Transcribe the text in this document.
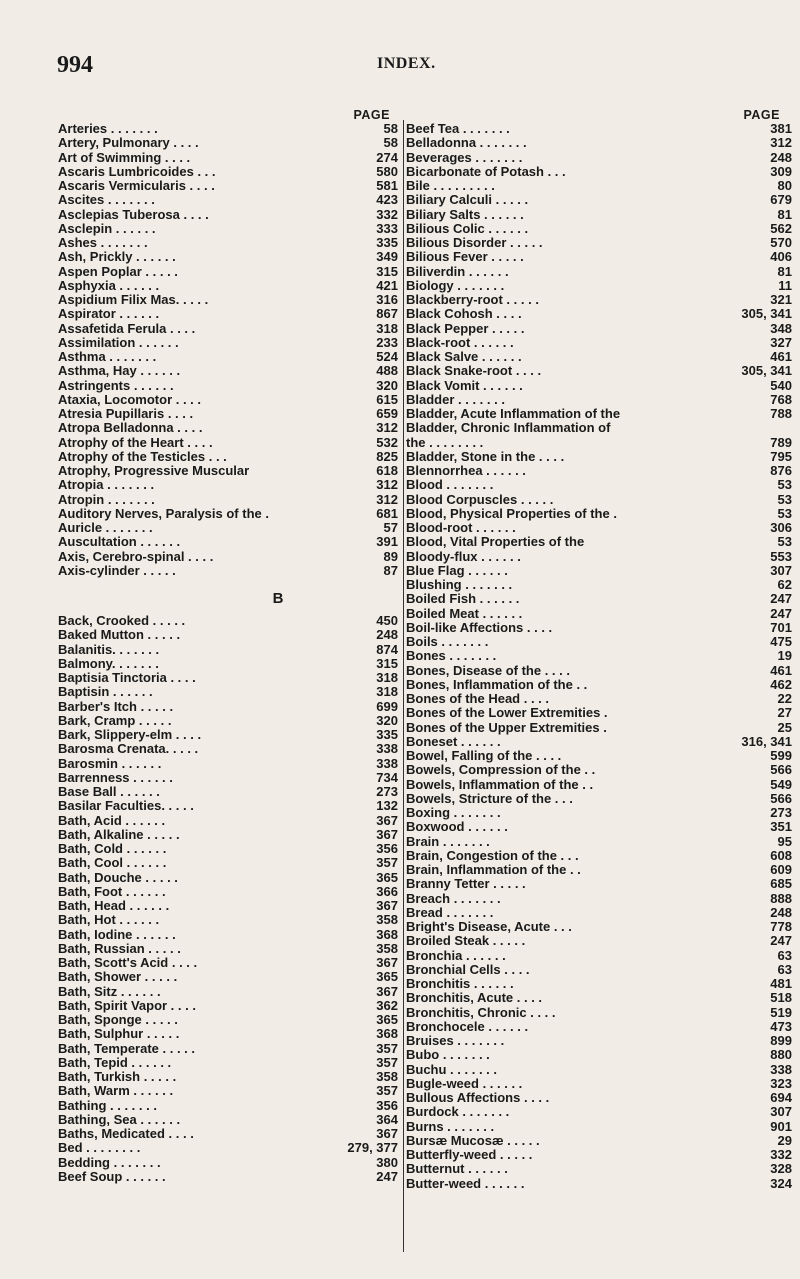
994	INDEX.
PAGE
Arteries . . . . . . .	58
Artery, Pulmonary . . . .	58
Art of Swimming . . . .	274
Ascaris Lumbricoides . . .	580
Ascaris Vermicularis . . . .	581
Ascites . . . . . . .	423
Asclepias Tuberosa . . . .	332
Asclepin . . . . . .	333
Ashes . . . . . . .	335
Ash, Prickly . . . . . .	349
Aspen Poplar . . . . .	315
Asphyxia . . . . . .	421
Aspidium Filix Mas. . . . .	316
Aspirator . . . . . .	867
Assafetida Ferula . . . .	318
Assimilation . . . . . .	233
Asthma . . . . . . .	524
Asthma, Hay . . . . . .	488
Astringents . . . . . .	320
Ataxia, Locomotor . . . .	615
Atresia Pupillaris . . . .	659
Atropa Belladonna . . . .	312
Atrophy of the Heart . . . .	532
Atrophy of the Testicles . . .	825
Atrophy, Progressive Muscular	618
Atropia . . . . . . .	312
Atropin . . . . . . .	312
Auditory Nerves, Paralysis of the .	681
Auricle . . . . . . .	57
Auscultation . . . . . .	391
Axis, Cerebro-spinal . . . .	89
Axis-cylinder . . . . .	87
B
Back, Crooked . . . . .	450
Baked Mutton . . . . .	248
Balanitis. . . . . . .	874
Balmony. . . . . . .	315
Baptisia Tinctoria . . . .	318
Baptisin . . . . . .	318
Barber's Itch . . . . .	699
Bark, Cramp . . . . .	320
Bark, Slippery-elm . . . .	335
Barosma Crenata. . . . .	338
Barosmin . . . . . .	338
Barrenness . . . . . .	734
Base Ball . . . . . .	273
Basilar Faculties. . . . .	132
Bath, Acid . . . . . .	367
Bath, Alkaline . . . . .	367
Bath, Cold . . . . . .	356
Bath, Cool . . . . . .	357
Bath, Douche . . . . .	365
Bath, Foot . . . . . .	366
Bath, Head . . . . . .	367
Bath, Hot . . . . . .	358
Bath, Iodine . . . . . .	368
Bath, Russian . . . . .	358
Bath, Scott's Acid . . . .	367
Bath, Shower . . . . .	365
Bath, Sitz . . . . . .	367
Bath, Spirit Vapor . . . .	362
Bath, Sponge . . . . .	365
Bath, Sulphur . . . . .	368
Bath, Temperate . . . . .	357
Bath, Tepid . . . . . .	357
Bath, Turkish . . . . .	358
Bath, Warm . . . . . .	357
Bathing . . . . . . .	356
Bathing, Sea . . . . . .	364
Baths, Medicated . . . .	367
Bed . . . . . . . .	279, 377
Bedding . . . . . . .	380
Beef Soup . . . . . .	247
PAGE
Beef Tea . . . . . . .	381
Belladonna . . . . . . .	312
Beverages . . . . . . .	248
Bicarbonate of Potash . . .	309
Bile . . . . . . . . .	80
Biliary Calculi . . . . .	679
Biliary Salts . . . . . .	81
Bilious Colic . . . . . .	562
Bilious Disorder . . . . .	570
Bilious Fever . . . . .	406
Biliverdin . . . . . .	81
Biology . . . . . . .	11
Blackberry-root . . . . .	321
Black Cohosh . . . .	305, 341
Black Pepper . . . . .	348
Black-root . . . . . .	327
Black Salve . . . . . .	461
Black Snake-root . . . .	305, 341
Black Vomit . . . . . .	540
Bladder . . . . . . .	768
Bladder, Acute Inflammation of the	788
Bladder, Chronic Inflammation of
the . . . . . . . .	789
Bladder, Stone in the . . . .	795
Blennorrhea . . . . . .	876
Blood . . . . . . .	53
Blood Corpuscles . . . . .	53
Blood, Physical Properties of the .	53
Blood-root . . . . . .	306
Blood, Vital Properties of the	53
Bloody-flux . . . . . .	553
Blue Flag . . . . . .	307
Blushing . . . . . . .	62
Boiled Fish . . . . . .	247
Boiled Meat . . . . . .	247
Boil-like Affections . . . .	701
Boils . . . . . . .	475
Bones . . . . . . .	19
Bones, Disease of the . . . .	461
Bones, Inflammation of the . .	462
Bones of the Head . . . .	22
Bones of the Lower Extremities .	27
Bones of the Upper Extremities .	25
Boneset . . . . . .	316, 341
Bowel, Falling of the . . . .	599
Bowels, Compression of the . .	566
Bowels, Inflammation of the . .	549
Bowels, Stricture of the . . .	566
Boxing . . . . . . .	273
Boxwood . . . . . .	351
Brain . . . . . . .	95
Brain, Congestion of the . . .	608
Brain, Inflammation of the . .	609
Branny Tetter . . . . .	685
Breach . . . . . . .	888
Bread . . . . . . .	248
Bright's Disease, Acute . . .	778
Broiled Steak . . . . .	247
Bronchia . . . . . .	63
Bronchial Cells . . . .	63
Bronchitis . . . . . .	481
Bronchitis, Acute . . . .	518
Bronchitis, Chronic . . . .	519
Bronchocele . . . . . .	473
Bruises . . . . . . .	899
Bubo . . . . . . .	880
Buchu . . . . . . .	338
Bugle-weed . . . . . .	323
Bullous Affections . . . .	694
Burdock . . . . . . .	307
Burns . . . . . . .	901
Bursæ Mucosæ . . . . .	29
Butterfly-weed . . . . .	332
Butternut . . . . . .	328
Butter-weed . . . . . .	324
